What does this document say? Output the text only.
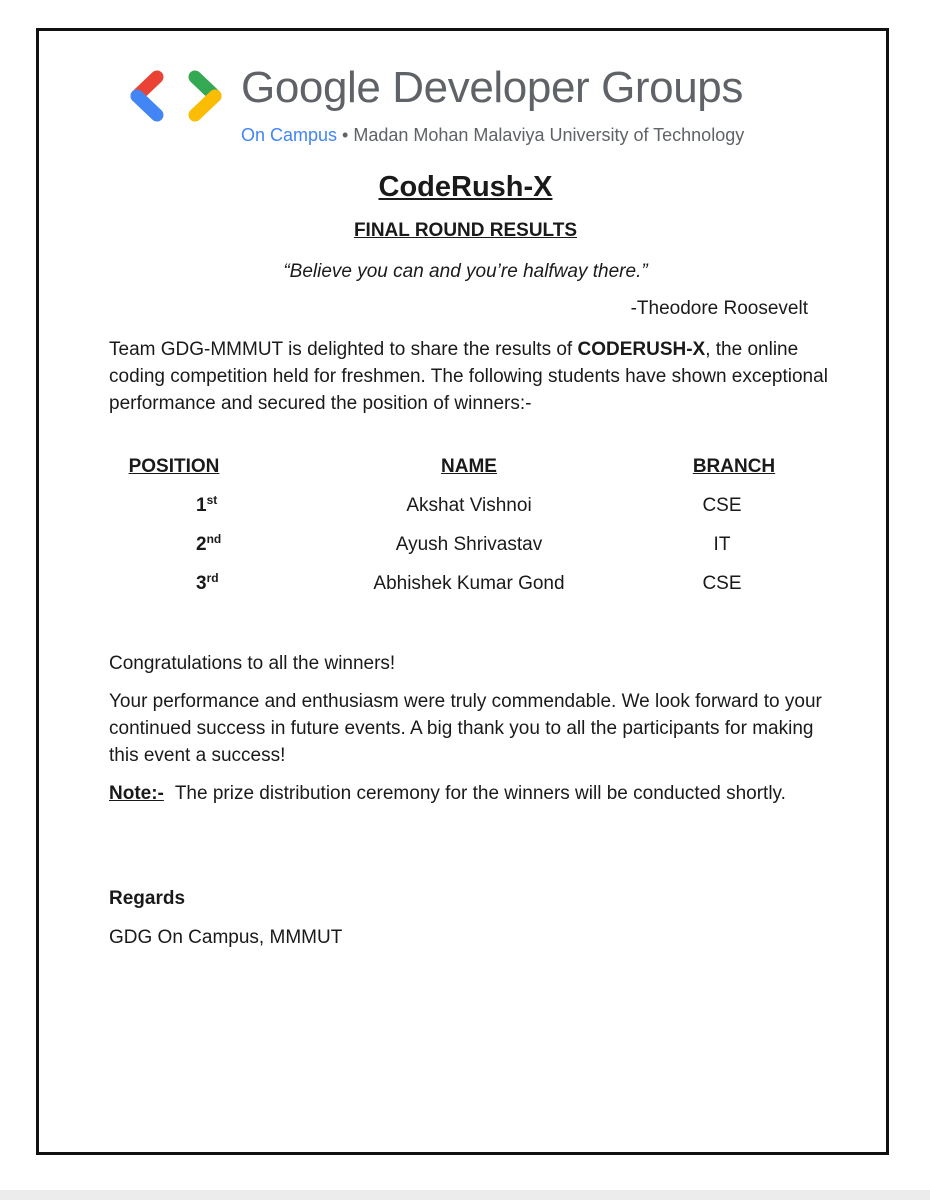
Google Developer Groups
On Campus • Madan Mohan Malaviya University of Technology
CodeRush-X
FINAL ROUND RESULTS
“Believe you can and you’re halfway there.”
-Theodore Roosevelt

Team GDG-MMMUT is delighted to share the results of CODERUSH-X, the online coding competition held for freshmen. The following students have shown exceptional performance and secured the position of winners:-

POSITION	NAME	BRANCH
1st	Akshat Vishnoi	CSE
2nd	Ayush Shrivastav	IT
3rd	Abhishek Kumar Gond	CSE

Congratulations to all the winners!

Your performance and enthusiasm were truly commendable. We look forward to your continued success in future events. A big thank you to all the participants for making this event a success!

Note:- The prize distribution ceremony for the winners will be conducted shortly.

Regards

GDG On Campus, MMMUT
